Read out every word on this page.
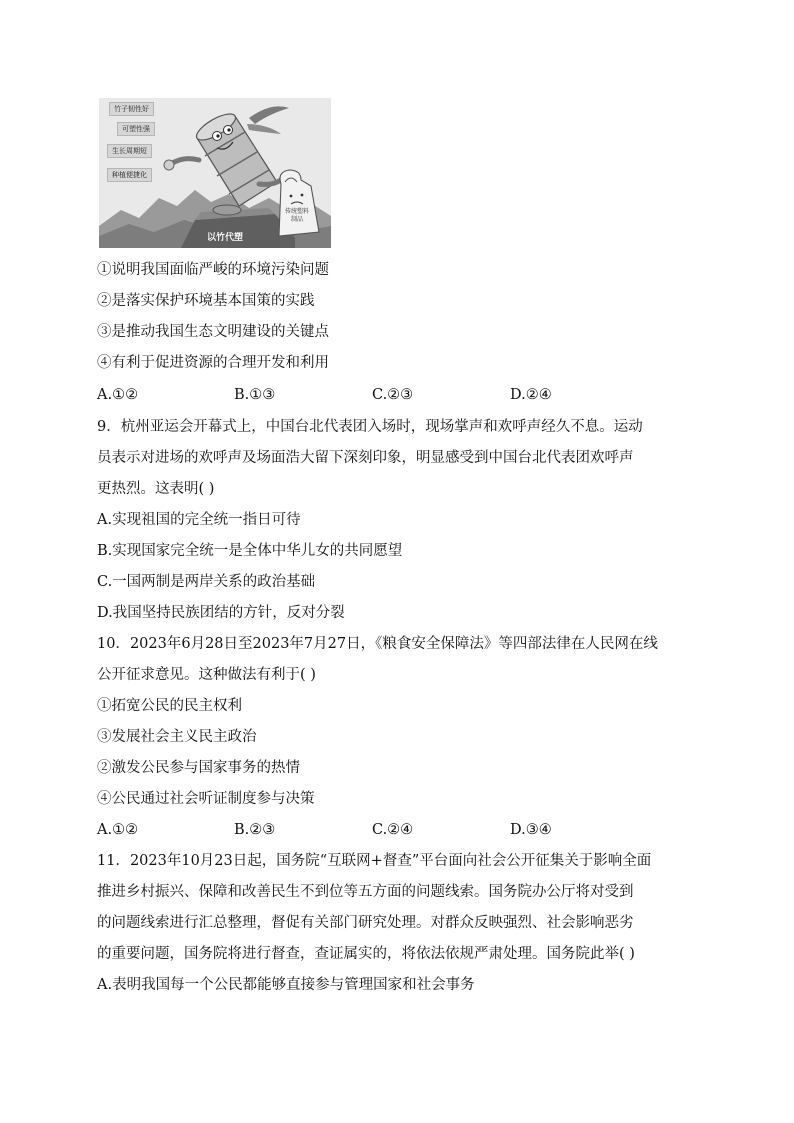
竹子韧性好
可塑性强
生长周期短
种植便捷化
传统塑料
制品
以竹代塑
①说明我国面临严峻的环境污染问题
②是落实保护环境基本国策的实践
③是推动我国生态文明建设的关键点
④有利于促进资源的合理开发和利用
A.①②	B.①③	C.②③	D.②④
9．杭州亚运会开幕式上，中国台北代表团入场时，现场掌声和欢呼声经久不息。运动
员表示对进场的欢呼声及场面浩大留下深刻印象，明显感受到中国台北代表团欢呼声
更热烈。这表明( )
A.实现祖国的完全统一指日可待
B.实现国家完全统一是全体中华儿女的共同愿望
C.一国两制是两岸关系的政治基础
D.我国坚持民族团结的方针，反对分裂
10．2023年6月28日至2023年7月27日，《粮食安全保障法》等四部法律在人民网在线
公开征求意见。这种做法有利于( )
①拓宽公民的民主权利
③发展社会主义民主政治
②激发公民参与国家事务的热情
④公民通过社会听证制度参与决策
A.①②	B.②③	C.②④	D.③④
11．2023年10月23日起，国务院“互联网+督查”平台面向社会公开征集关于影响全面
推进乡村振兴、保障和改善民生不到位等五方面的问题线索。国务院办公厅将对受到
的问题线索进行汇总整理，督促有关部门研究处理。对群众反映强烈、社会影响恶劣
的重要问题，国务院将进行督查，查证属实的，将依法依规严肃处理。国务院此举( )
A.表明我国每一个公民都能够直接参与管理国家和社会事务
